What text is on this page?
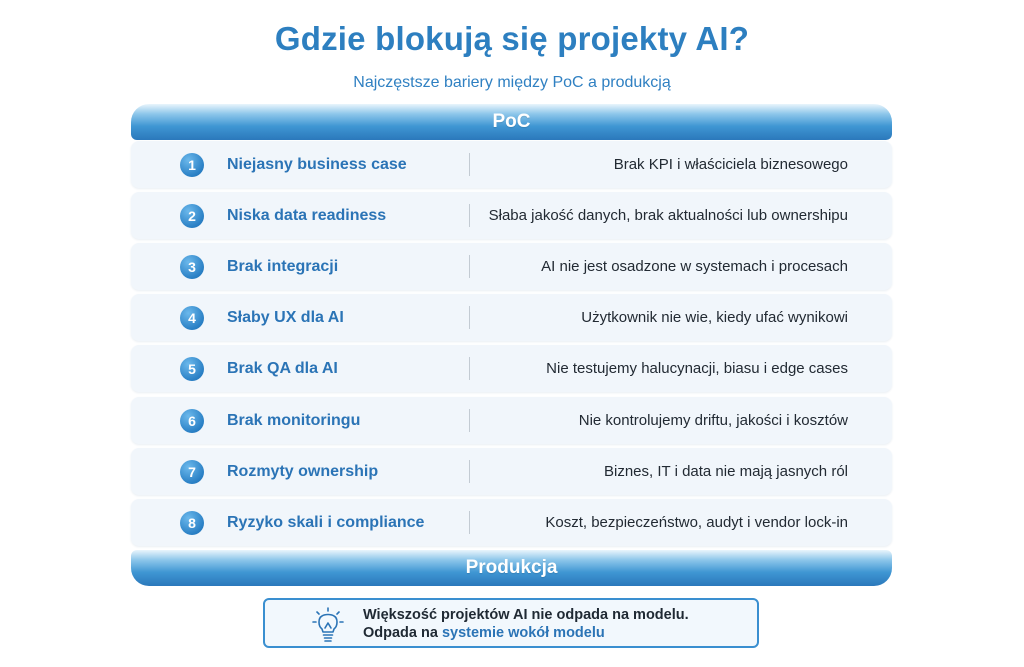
Gdzie blokują się projekty AI?
Najczęstsze bariery między PoC a produkcją
PoC
1	Niejasny business case	Brak KPI i właściciela biznesowego
2	Niska data readiness	Słaba jakość danych, brak aktualności lub ownershipu
3	Brak integracji	AI nie jest osadzone w systemach i procesach
4	Słaby UX dla AI	Użytkownik nie wie, kiedy ufać wynikowi
5	Brak QA dla AI	Nie testujemy halucynacji, biasu i edge cases
6	Brak monitoringu	Nie kontrolujemy driftu, jakości i kosztów
7	Rozmyty ownership	Biznes, IT i data nie mają jasnych ról
8	Ryzyko skali i compliance	Koszt, bezpieczeństwo, audyt i vendor lock-in
Produkcja
Większość projektów AI nie odpada na modelu.
Odpada na systemie wokół modelu
